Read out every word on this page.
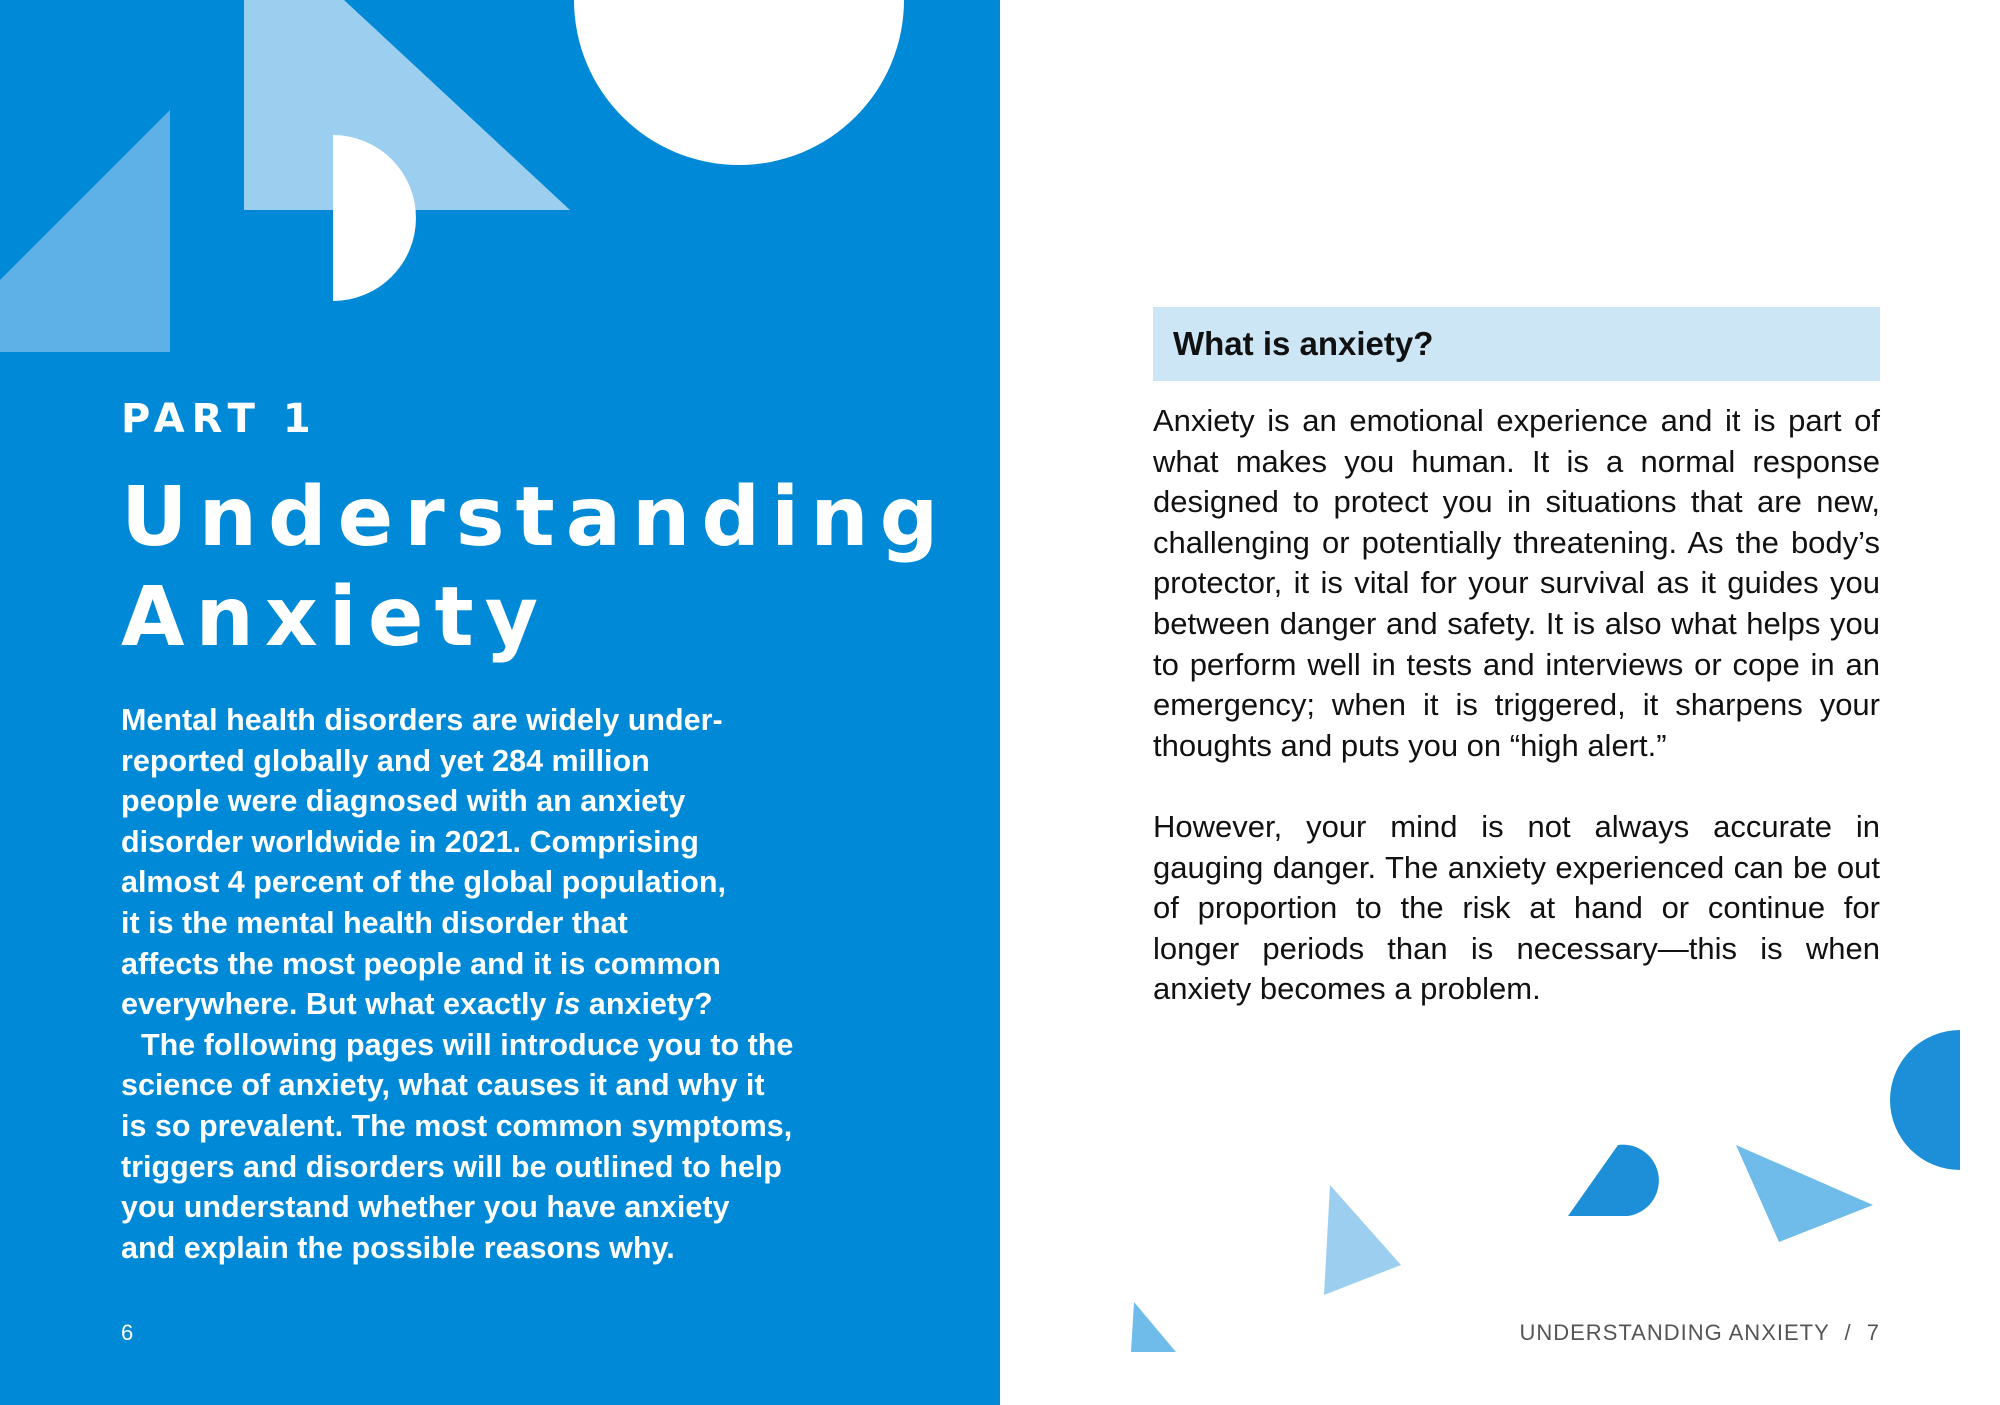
PART 1
Understanding
Anxiety
Mental health disorders are widely under-
reported globally and yet 284 million
people were diagnosed with an anxiety
disorder worldwide in 2021. Comprising
almost 4 percent of the global population,
it is the mental health disorder that
affects the most people and it is common
everywhere. But what exactly is anxiety?
The following pages will introduce you to the
science of anxiety, what causes it and why it
is so prevalent. The most common symptoms,
triggers and disorders will be outlined to help
you understand whether you have anxiety
and explain the possible reasons why.
6
What is anxiety?

Anxiety is an emotional experience and it is part of what makes you human. It is a normal response designed to protect you in situations that are new, challenging or potentially threatening. As the body’s protector, it is vital for your survival as it guides you between danger and safety. It is also what helps you to perform well in tests and interviews or cope in an emergency; when it is triggered, it sharpens your thoughts and puts you on “high alert.”

However, your mind is not always accurate in gauging danger. The anxiety experienced can be out of proportion to the risk at hand or continue for longer periods than is necessary—this is when anxiety becomes a problem.

UNDERSTANDING ANXIETY / 7
